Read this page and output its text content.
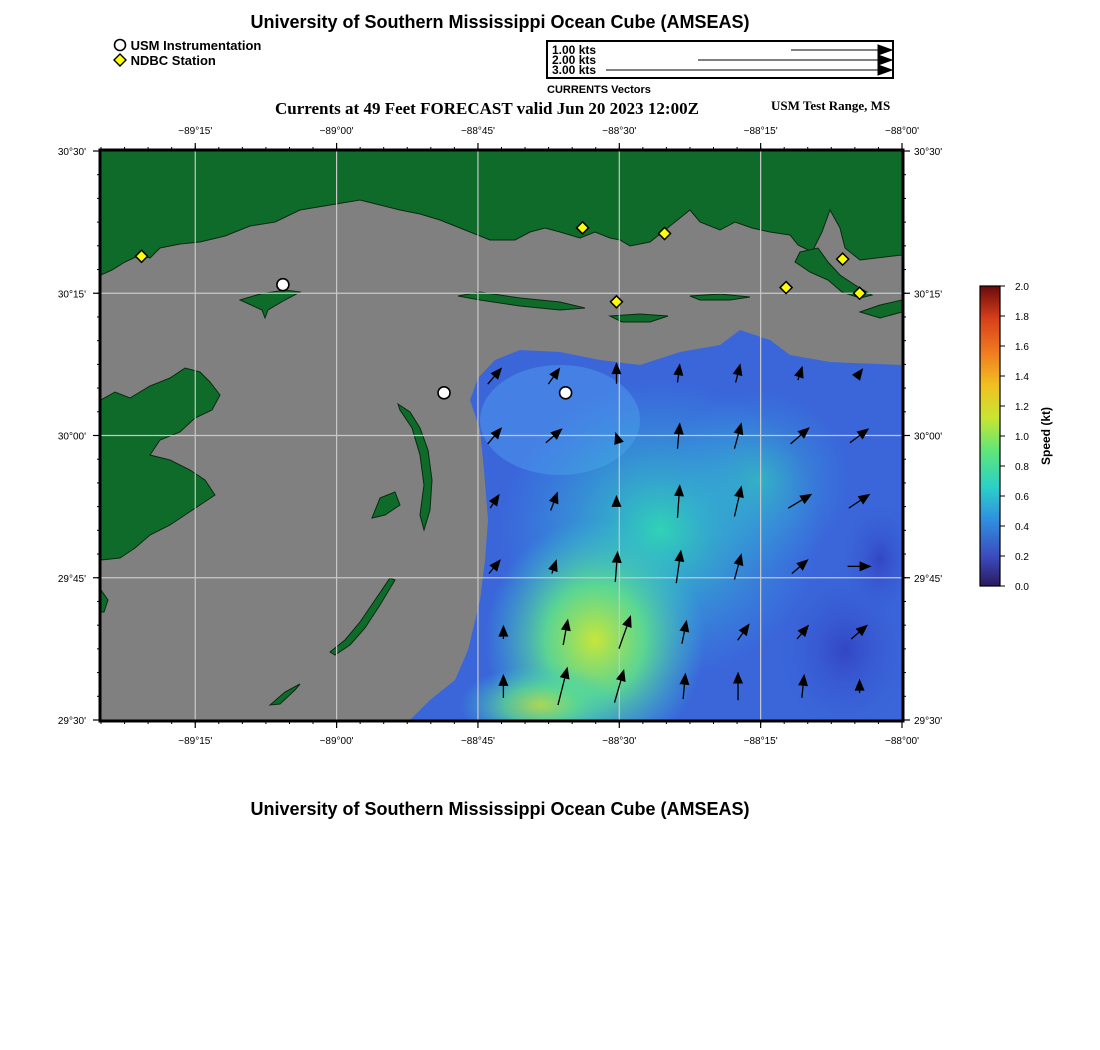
University of Southern Mississippi Ocean Cube (AMSEAS)
USM Instrumentation
NDBC Station
1.00 kts
2.00 kts
3.00 kts
CURRENTS Vectors
Currents at 49 Feet FORECAST valid Jun 20 2023 12:00Z	USM Test Range, MS
−89°15'
−89°15'
−89°00'
−89°00'
−88°45'
−88°45'
−88°30'
−88°30'
−88°15'
−88°15'
−88°00'
−88°00'
30°30'	30°30'
30°15'	30°15'
30°00'	30°00'
29°45'	29°45'
29°30'	29°30'
0.0
0.2
0.4
0.6
0.8
1.0
1.2
1.4
1.6
1.8
2.0
Speed (kt)
University of Southern Mississippi Ocean Cube (AMSEAS)
